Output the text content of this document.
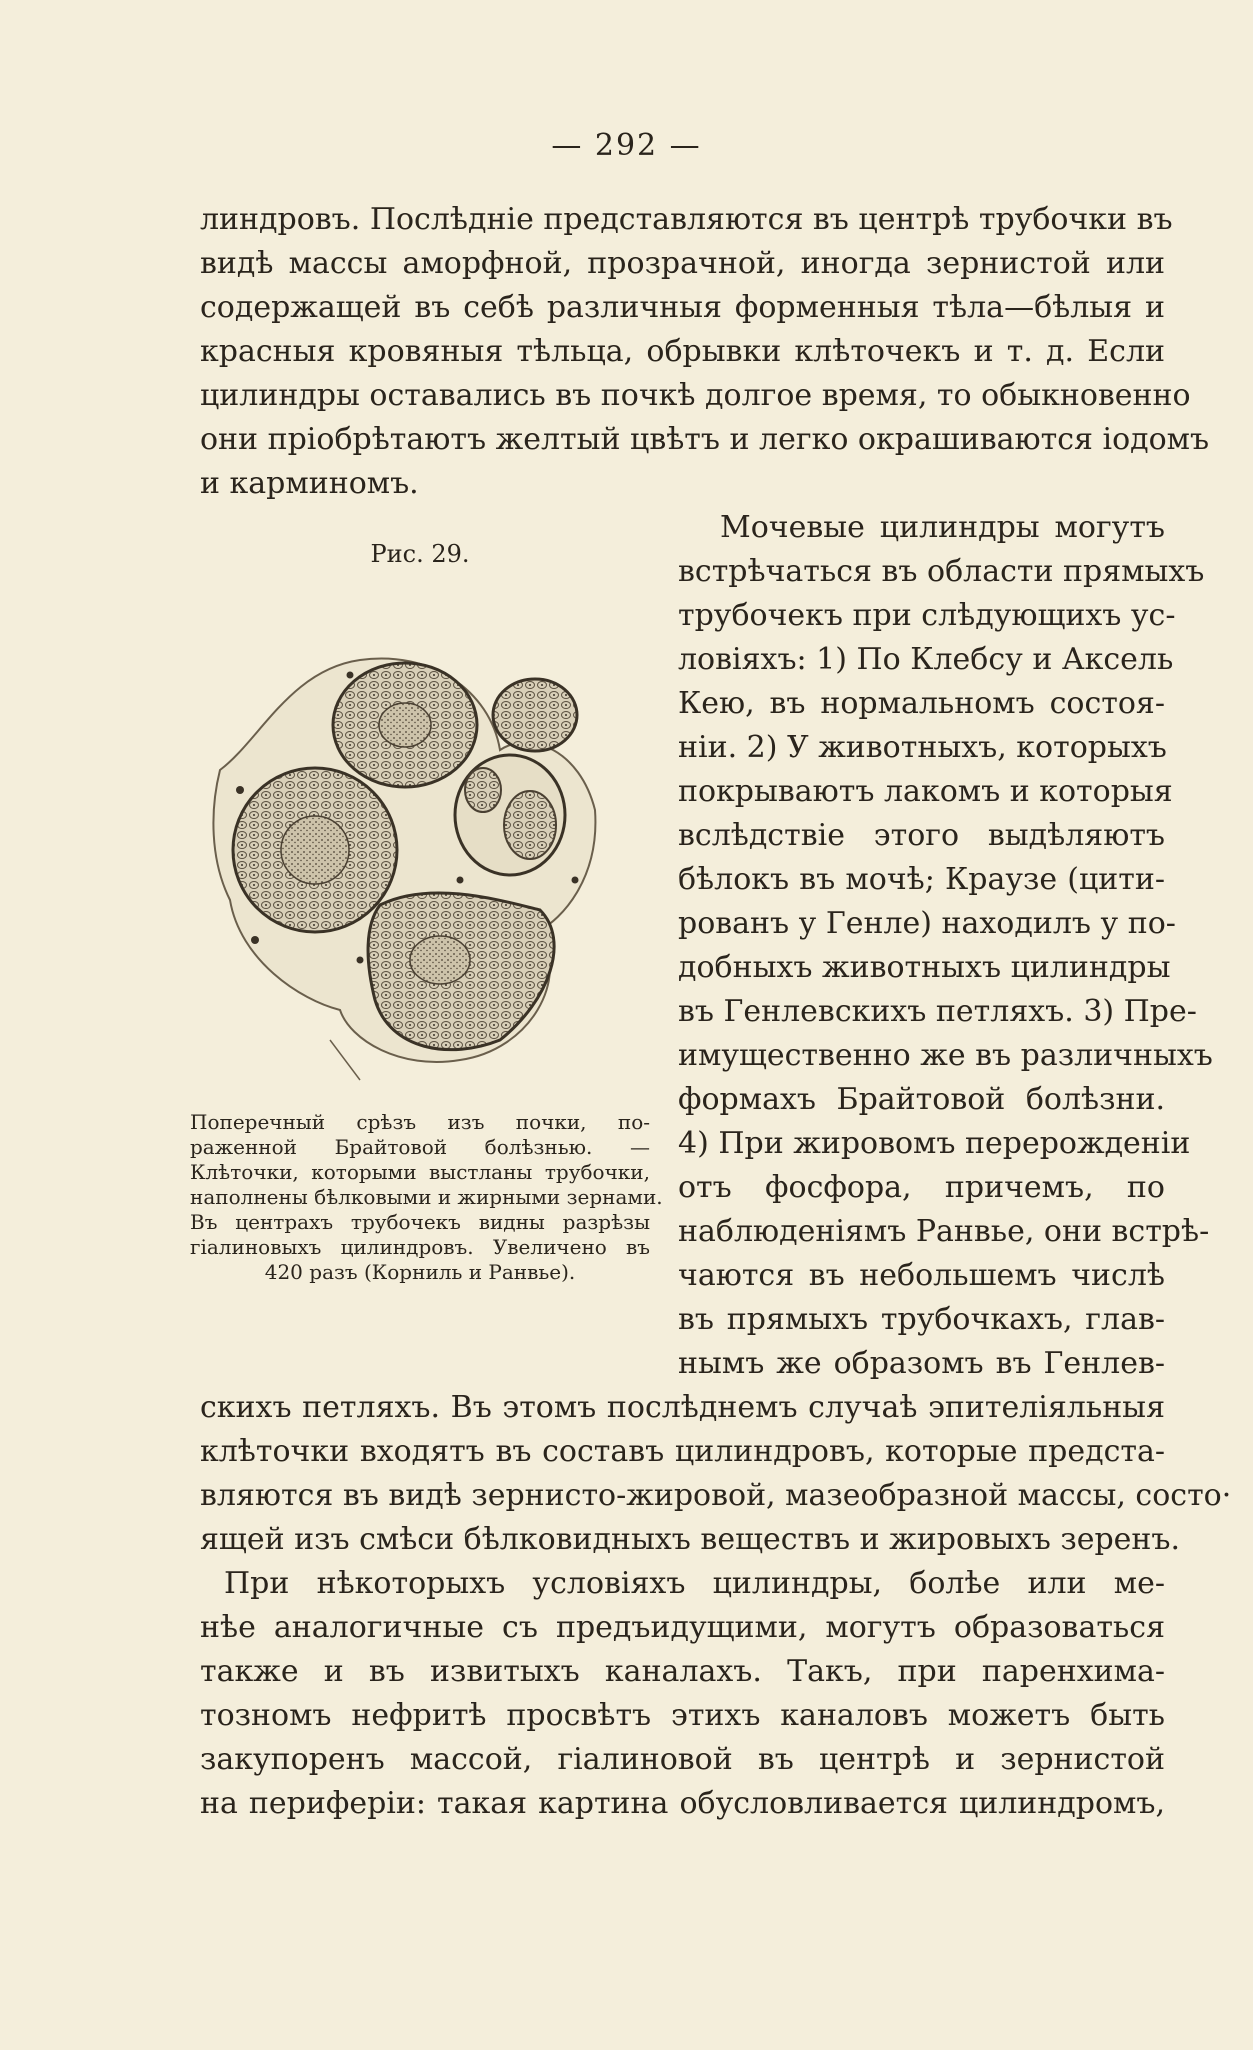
— 292 —
линдровъ. Послѣдніе представляются въ центрѣ трубочки въ
видѣ массы аморфной, прозрачной, иногда зернистой или
содержащей въ себѣ различныя форменныя тѣла—бѣлыя и
красныя кровяныя тѣльца, обрывки клѣточекъ и т. д. Если
цилиндры оставались въ почкѣ долгое время, то обыкновенно
они пріобрѣтаютъ желтый цвѣтъ и легко окрашиваются іодомъ
и карминомъ.
Рис. 29.
Поперечный срѣзъ изъ почки, по-
раженной Брайтовой болѣзнью. —
Клѣточки, которыми выстланы трубочки,
наполнены бѣлковыми и жирными зернами.
Въ центрахъ трубочекъ видны разрѣзы
гіалиновыхъ цилиндровъ. Увеличено въ
420 разъ (Корниль и Ранвье).
Мочевые цилиндры могутъ
встрѣчаться въ области прямыхъ
трубочекъ при слѣдующихъ ус-
ловіяхъ: 1) По Клебсу и Аксель
Кею, въ нормальномъ состоя-
ніи. 2) У животныхъ, которыхъ
покрываютъ лакомъ и которыя
вслѣдствіе этого выдѣляютъ
бѣлокъ въ мочѣ; Краузе (цити-
рованъ у Генле) находилъ у по-
добныхъ животныхъ цилиндры
въ Генлевскихъ петляхъ. 3) Пре-
имущественно же въ различныхъ
формахъ Брайтовой болѣзни.
4) При жировомъ перерожденіи
отъ фосфора, причемъ, по
наблюденіямъ Ранвье, они встрѣ-
чаются въ небольшемъ числѣ
въ прямыхъ трубочкахъ, глав-
нымъ же образомъ въ Генлев-
скихъ петляхъ. Въ этомъ послѣднемъ случаѣ эпителіяльныя
клѣточки входятъ въ составъ цилиндровъ, которые предста-
вляются въ видѣ зернисто-жировой, мазеобразной массы, состо·
ящей изъ смѣси бѣлковидныхъ веществъ и жировыхъ зеренъ.
При нѣкоторыхъ условіяхъ цилиндры, болѣе или ме-
нѣе аналогичные съ предъидущими, могутъ образоваться
также и въ извитыхъ каналахъ. Такъ, при паренхима-
тозномъ нефритѣ просвѣтъ этихъ каналовъ можетъ быть
закупоренъ массой, гіалиновой въ центрѣ и зернистой
на периферіи: такая картина обусловливается цилиндромъ,
